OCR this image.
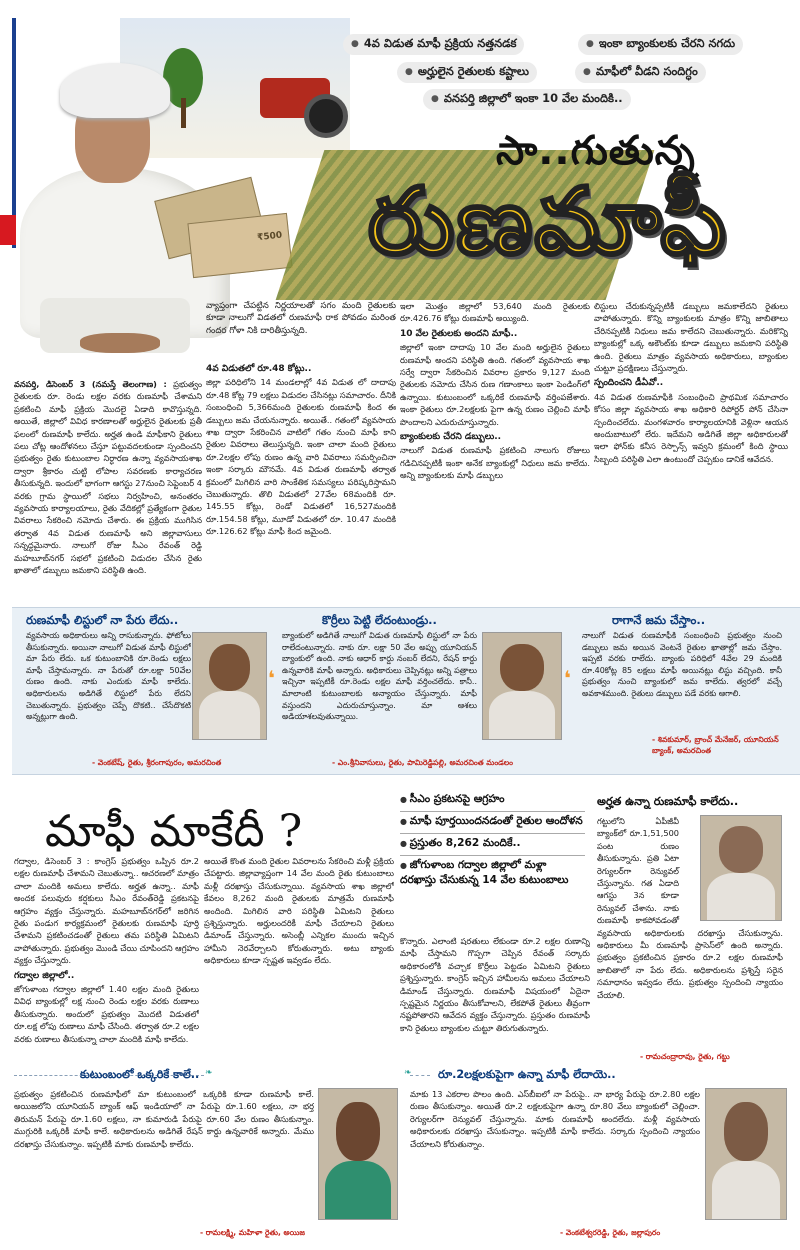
₹500
● 4వ విడుత మాఫీ ప్రక్రియ నత్తనడక	● ఇంకా బ్యాంకులకు చేరని నగదు
● అర్హులైన రైతులకు కష్టాలు	● మాఫీలో వీడని సందిగ్ధం
● వనపర్తి జిల్లాలో ఇంకా 10 వేల మందికి..
సా..గుతున్న
రుణమాఫీ
వ్యాప్తంగా చేపట్టిన నిర్ణయాలతో సగం మంది రైతులకు కూడా నాలుగో విడతలో రుణమాఫీ రాక పోవడం మరింత గందర గోళా నికి దారితీస్తున్నది.
వనపర్తి, డిసెంబర్ 3 (నమస్తే తెలంగాణ) : ప్రభుత్వం రైతులకు రూ. రెండు లక్షల వరకు రుణమాఫీ చేశామని ప్రకటించి మాఫీ ప్రక్రియ మొదలై ఏడాది కావొస్తున్నది. అయితే, జిల్లాలో వివిధ కారణాలతో అర్హులైన రైతులకు ప్రతీ ఫలంలో రుణమాఫీ కాలేదు. అర్హత ఉండి మాఫీకాని రైతులు పలు చోట్ల ఆందోళనలు చేస్తూ పట్టువదలకుండా స్పందించని ప్రభుత్వం రైతు కుటుంబాల నిర్ధారణ ఉన్నా వ్యవసాయశాఖ ద్వారా శ్రీకారం చుట్టి లోపాల సవరణకు కార్యాచరణ తీసుకున్నది. ఇందులో భాగంగా ఆగస్టు 27నుంచి సెప్టెంబర్ 4 వరకు గ్రామ స్థాయిలో సభలు నిర్వహించి, అనంతరం వ్యవసాయ కార్యాలయాలు, రైతు వేదికల్లో ప్రత్యేకంగా రైతుల వివరాలు సేకరించి నమోదు చేశారు. ఈ ప్రక్రియ ముగిసిన తర్వాత 4వ విడుత రుణమాఫీ అని జిల్లావాసులు సన్నద్ధమైనారు. నాలుగో రోజు సీఎం రేవంత్‌ రెడ్డి మహబూబ్‌నగర్‌ సభలో ప్రకటించి విడుదల చేసిన రైతు ఖాతాలో డబ్బులు జమకాని పరిస్థితి ఉంది.
4వ విడుతలో రూ.48 కోట్లు..
జిల్లా పరిధిలోని 14 మండలాల్లో 4వ విడుత లో దాదాపు రూ.48 కోట్ల 79 లక్షలు విడుదల చేసినట్లు సమాచారం. దీనికి సంబంధించి 5,366మంది రైతులకు రుణమాఫీ కింద ఈ డబ్బులు జమ చేయనున్నారు. అయితే.. గతంలో వ్యవసాయ శాఖ ద్వారా సేకరించిన వాటిలో గతం నుంచి మాఫీ కాని రైతుల వివరాలు తెలుస్తున్నది. ఇంకా చాలా మంది రైతులు రూ.2లక్షల లోపు రుణం ఉన్న వారి వివరాలు సమర్పించినా ఇంకా సర్కారు మౌనమే. 4వ విడుత రుణమాఫీ తర్వాత క్రమంలో మిగిలిన వారి సాంకేతిక సమస్యలు పరిష్కరిస్తామని చెబుతున్నారు. తొలి విడుతలో 27వేల 68మందికి రూ. 145.55 కోట్లు, రెండో విడుతలో 16,527మందికి రూ.154.58 కోట్లు, మూడో విడుతలో రూ. 10.47 మందికి రూ.126.62 కోట్లు మాఫీ కింద జమైంది.
ఇలా మొత్తం జిల్లాలో 53,640 మంది రైతులకు రూ.426.76 కోట్లు రుణమాఫీ అయ్యింది.
10 వేల రైతులకు అందని మాఫీ..
జిల్లాలో ఇంకా దాదాపు 10 వేల మంది అర్హులైన రైతులు రుణమాఫీ అందని పరిస్థితి ఉంది. గతంలో వ్యవసాయ శాఖ సర్వే ద్వారా సేకరించిన వివరాల ప్రకారం 9,127 మంది రైతులకు నమోదు చేసిన రుణ గణాంకాలు ఇంకా పెండింగ్‌లో ఉన్నాయి. కుటుంబంలో ఒక్కరికే రుణమాఫీ వర్తింపజేశారు. ఇంకా రైతులు రూ.2లక్షలకు పైగా ఉన్న రుణం చెల్లించి మాఫీ పొందాలని ఎదురుచూస్తున్నారు.
బ్యాంకులకు చేరని డబ్బులు..
నాలుగో విడుత రుణమాఫీ ప్రకటించి నాలుగు రోజులు గడిచినప్పటికీ ఇంకా అనేక బ్యాంకుల్లో నిధులు జమ కాలేదు. అన్ని బ్యాంకులకు మాఫీ డబ్బులు
లిస్టులు చేరుకున్నప్పటికీ డబ్బులు జమకాలేదని రైతులు వాపోతున్నారు. కొన్ని బ్యాంకులకు మాత్రం కొన్ని జాబితాలు చేరినప్పటికీ నిధులు జమ కాలేదని చెబుతున్నారు. మరికొన్ని బ్యాంకుల్లో ఒక్క అకౌంట్‌కు కూడా డబ్బులు జమకాని పరిస్థితి ఉంది. రైతులు మాత్రం వ్యవసాయ అధికారులు, బ్యాంకుల చుట్టూ ప్రదక్షిణలు చేస్తున్నారు.
స్పందించని డీఏవో..
4వ విడుత రుణమాఫీకి సంబంధించి ప్రాథమిక సమాచారం కోసం జిల్లా వ్యవసాయ శాఖ అధికారి రిపోర్టర్ పోన్‌ చేసినా స్పందించలేదు. మంగళవారం కార్యాలయానికి వెళ్లినా ఆయన అందుబాటులో లేరు. ఇదేమని అడిగితే జిల్లా అధికారులతో ఇలా ఫోన్‌కు కనీస రెస్పాన్స్‌ ఇవ్వని క్రమంలో కింది స్థాయి సిబ్బంది పరిస్థితి ఎలా ఉంటుందో చెప్పకుం డానికే ఆవేదన.
రుణమాఫీ లిస్టులో నా పేరు లేదు..
వ్యవసాయ అధికారులు అన్ని రాసుకున్నారు. ఫోటోలు తీసుకున్నారు. అయినా నాలుగో విడుత మాఫీ లిస్టులో మా పేరు లేదు. ఒక కుటుంబానికి రూ.రెండు లక్షలు మాఫీ చేస్తామన్నారు. నా పేరుతో రూ.లక్షా 50వేల రుణం ఉంది. నాకు ఎందుకు మాఫీ కాలేదు. అధికారులను అడిగితే లిస్టులో పేరు లేదని చెబుతున్నారు. ప్రభుత్వం చెప్పే దొకటి.. చేసేదొకటి అన్నట్లుగా ఉంది.
- వెంకటేష్‌, రైతు, శ్రీరంగాపురం, అమరచింత
❛
కొర్రీలు పెట్టి లేదంటుండ్రు..
బ్యాంకులో అడిగితే నాలుగో విడుత రుణమాఫీ లిస్టులో నా పేరు రాలేదంటున్నారు. నాకు రూ. లక్షా 50 వేల అప్పు యూనియన్‌ బ్యాంకులో ఉంది. నాకు ఆధార్‌ కార్డు నంబర్‌ లేదని, రేషన్‌ కార్డు ఉన్నవారికి మాఫీ అన్నారు. అధికారులు చెప్పినట్లు అన్ని పత్రాలు ఇచ్చినా ఇప్పటికీ రూ.రెండు లక్షల మాఫీ వర్తించలేదు. కానీ.. మాలాంటి కుటుంబాలకు అన్యాయం చేస్తున్నారు. మాఫీ వస్తుందని ఎదురుచూస్తున్నాం. మా ఆశలు అడియాశలవుతున్నాయి.
- ఎం.శ్రీనివాసులు, రైతు, పామిరెడ్డిపల్లి, అమరచింత మండలం
❛
రాగానే జమ చేస్తాం..
నాలుగో విడుత రుణమాఫీకి సంబంధించి ప్రభుత్వం నుంచి డబ్బులు జమ అయిన వెంటనే రైతుల ఖాతాల్లో జమ చేస్తాం. ఇప్పటి వరకు రాలేదు. బ్యాంకు పరిధిలో 4వేల 29 మందికి రూ.40కోట్ల 85 లక్షలు మాఫీ అయినట్లు లిస్టు వచ్చింది. కానీ ప్రభుత్వం నుంచి బ్యాంకులో జమ కాలేదు. త్వరలో వచ్చే అవకాశముంది. రైతులు డబ్బులు పడే వరకు ఆగాలి.
- శివకుమార్‌, బ్రాంచ్‌ మేనేజర్‌, యూనియన్‌ బ్యాంక్‌, అమరచింత
మాఫీ మాకేదీ ?
● సీఎం ప్రకటనపై ఆగ్రహం
● మాఫీ పూర్తయిందనడంతో రైతుల ఆందోళన
● ప్రస్తుతం 8,262 మందికే..
● జోగుళాంబ గద్వాల జిల్లాలో మళ్లా దరఖాస్తు చేసుకున్న 14 వేల కుటుంబాలు
గద్వాల, డిసెంబర్ 3 : కాంగ్రెస్‌ ప్రభుత్వం ఒప్పిన రూ.2 లక్షల రుణమాఫీ చేశామని చెబుతున్నా.. ఆచరణలో మాత్రం చాలా మందికి అమలు కాలేదు. అర్హత ఉన్నా.. మాఫీ అందక పలువురు కర్షకులు సీఎం రేవంత్‌రెడ్డి ప్రకటనపై ఆగ్రహం వ్యక్తం చేస్తున్నారు. మహబూబ్‌నగర్‌లో జరిగిన రైతు పండుగ కార్యక్రమంలో రైతులకు రుణమాఫీ పూర్తి చేశామని ప్రకటించడంతో రైతులు తమ పరిస్థితి ఏమిటని వాపోతున్నారు. ప్రభుత్వం మొండి చేయి చూపిందని ఆగ్రహం వ్యక్తం చేస్తున్నారు.
గద్వాల జిల్లాలో..
జోగుళాంబ గద్వాల జిల్లాలో 1.40 లక్షల మంది రైతులు వివిధ బ్యాంకుల్లో లక్ష నుంచి రెండు లక్షల వరకు రుణాలు తీసుకున్నారు. అందులో ప్రభుత్వం మొదటి విడుతలో రూ.లక్ష లోపు రుణాలు మాఫీ చేసింది. తర్వాత రూ.2 లక్షల వరకు రుణాలు తీసుకున్నా చాలా మందికి మాఫీ కాలేదు.
అయితే కొంత మంది రైతుల వివరాలను సేకరించి మళ్లీ ప్రక్రియ చేపట్టారు. జిల్లావ్యాప్తంగా 14 వేల మంది రైతు కుటుంబాలు మళ్లీ దరఖాస్తు చేసుకున్నాయి. వ్యవసాయ శాఖ జిల్లాలో కేవలం 8,262 మంది రైతులకు మాత్రమే రుణమాఫీ అందింది. మిగిలిన వారి పరిస్థితి ఏమిటని రైతులు ప్రశ్నిస్తున్నారు. అర్హులందరికీ మాఫీ చేయాలని రైతులు డిమాండ్‌ చేస్తున్నారు. అసెంబ్లీ ఎన్నికల ముందు ఇచ్చిన హామీని నెరవేర్చాలని కోరుతున్నారు. అటు బ్యాంకు అధికారులు కూడా స్పష్టత ఇవ్వడం లేదు.
కొన్నారు. ఎలాంటి షరతులు లేకుండా రూ.2 లక్షల రుణాన్ని మాఫీ చేస్తామని గొప్పగా చెప్పిన రేవంత్‌ సర్కారు అధికారంలోకి వచ్చాక కొర్రీలు పెట్టడం ఏమిటని రైతులు ప్రశ్నిస్తున్నారు. కాంగ్రెస్‌ ఇచ్చిన హామీలను అమలు చేయాలని డిమాండ్‌ చేస్తున్నారు. రుణమాఫీ విషయంలో ఏదైనా స్పష్టమైన నిర్ణయం తీసుకోవాలని, లేకపోతే రైతులు తీవ్రంగా నష్టపోతారని ఆవేదన వ్యక్తం చేస్తున్నారు. ప్రస్తుతం రుణమాఫీ కాని రైతులు బ్యాంకుల చుట్టూ తిరుగుతున్నారు.
అర్హత ఉన్నా రుణమాఫీ కాలేదు..
గట్టులోని ఏపీజీవీ బ్యాంక్‌లో రూ.1,51,500 పంట రుణం తీసుకున్నాను. ప్రతి ఏటా రెగ్యులర్‌గా రెన్యువల్‌ చేస్తున్నాను. గత ఏడాది ఆగస్టు 3న కూడా రెన్యువల్‌ చేశాను. నాకు రుణమాఫీ కాకపోవడంతో వ్యవసాయ అధికారులకు దరఖాస్తు చేసుకున్నాను. అధికారులు మీ రుణమాఫీ ప్రాసెస్‌లో ఉంది అన్నారు. ప్రభుత్వం ప్రకటించిన ప్రకారం రూ.2 లక్షల రుణమాఫీ జాబితాలో నా పేరు లేదు. అధికారులను ప్రశ్నిస్తే సరైన సమాధానం ఇవ్వడం లేదు. ప్రభుత్వం స్పందించి న్యాయం చేయాలి.
- రామచంద్రారావు, రైతు, గట్టు
❧
కుటుంబంలో ఒక్కరికే కాలే..
ప్రభుత్వం ప్రకటించిన రుణమాఫీలో మా కుటుంబంలో ఒక్కరికి కూడా రుణమాఫీ కాలే. అయిజలోని యూనియన్‌ బ్యాంక్‌ ఆఫ్‌ ఇండియాలో నా పేరుపై రూ.1.60 లక్షలు, నా భర్త తిరుమన్‌ పేరుపై రూ.1.60 లక్షలు, నా కుమారుడి పేరుపై రూ.60 వేల రుణం తీసుకున్నాం. ముగ్గురికి ఒక్కరికీ మాఫీ కాలే. అధికారులను అడిగితే రేషన్‌ కార్డు ఉన్నవారికే అన్నారు. మేము దరఖాస్తు చేసుకున్నాం. ఇప్పటికీ మాకు రుణమాఫీ కాలేదు.
- రామలక్ష్మి, మహిళా రైతు, అయిజ
❧ రూ.2లక్షలకుపైగా ఉన్నా మాఫీ లేదాయె..
మాకు 13 ఎకరాల పొలం ఉంది. ఎస్‌బీఐలో నా పేరుపై.. నా భార్య పేరుపై రూ.2.80 లక్షల రుణం తీసుకున్నాం. అయితే రూ.2 లక్షలకుపైగా ఉన్నా రూ.80 వేలు బ్యాంకులో చెల్లించా. రెగ్యులర్‌గా రెన్యువల్‌ చేస్తున్నాను. మాకు రుణమాఫీ అందలేదు. మళ్లీ వ్యవసాయ అధికారులకు దరఖాస్తు చేసుకున్నాం. ఇప్పటికీ మాఫీ కాలేదు. సర్కారు స్పందించి న్యాయం చేయాలని కోరుతున్నాం.
- వెంకటేశ్వరరెడ్డి, రైతు, జల్లాపురం
